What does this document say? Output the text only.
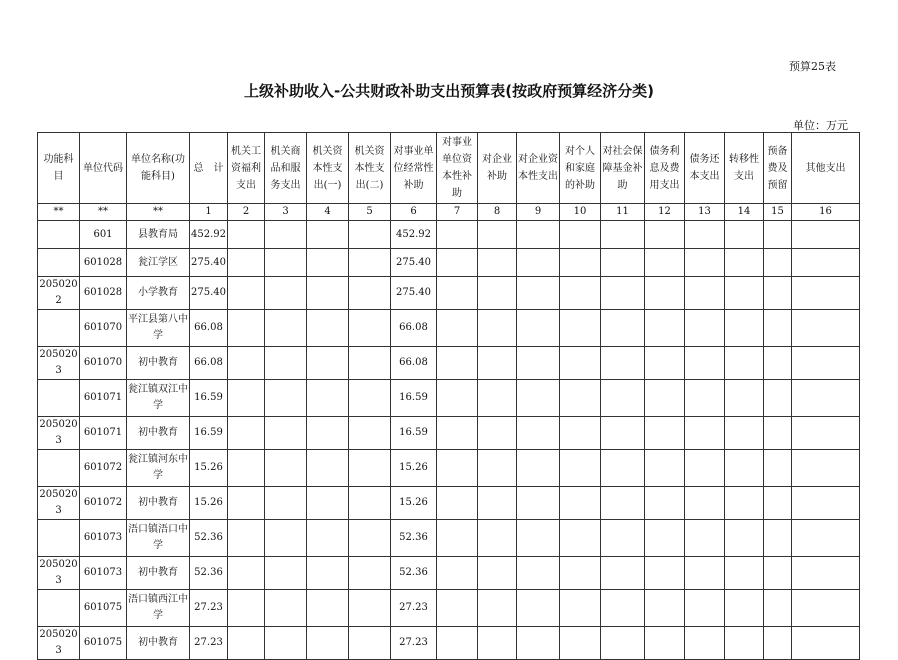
预算25表
上级补助收入-公共财政补助支出预算表(按政府预算经济分类)
单位：万元
功能科目	单位代码	单位名称(功能科目)	总　计	机关工资福利支出	机关商品和服务支出	机关资本性支出(一)	机关资本性支出(二)	对事业单位经常性补助	对事业单位资本性补助	对企业补助	对企业资本性支出	对个人和家庭的补助	对社会保障基金补助	债务利息及费用支出	债务还本支出	转移性支出	预备费及预留	其他支出
**	**	**	1	2	3	4	5	6	7	8	9	10	11	12	13	14	15	16
	601	县教育局	452.92					452.92										
	601028	瓮江学区	275.40					275.40										
2050202	601028	小学教育	275.40					275.40										
	601070	平江县第八中学	66.08					66.08										
2050203	601070	初中教育	66.08					66.08										
	601071	瓮江镇双江中学	16.59					16.59										
2050203	601071	初中教育	16.59					16.59										
	601072	瓮江镇河东中学	15.26					15.26										
2050203	601072	初中教育	15.26					15.26										
	601073	浯口镇浯口中学	52.36					52.36										
2050203	601073	初中教育	52.36					52.36										
	601075	浯口镇西江中学	27.23					27.23										
2050203	601075	初中教育	27.23					27.23										
